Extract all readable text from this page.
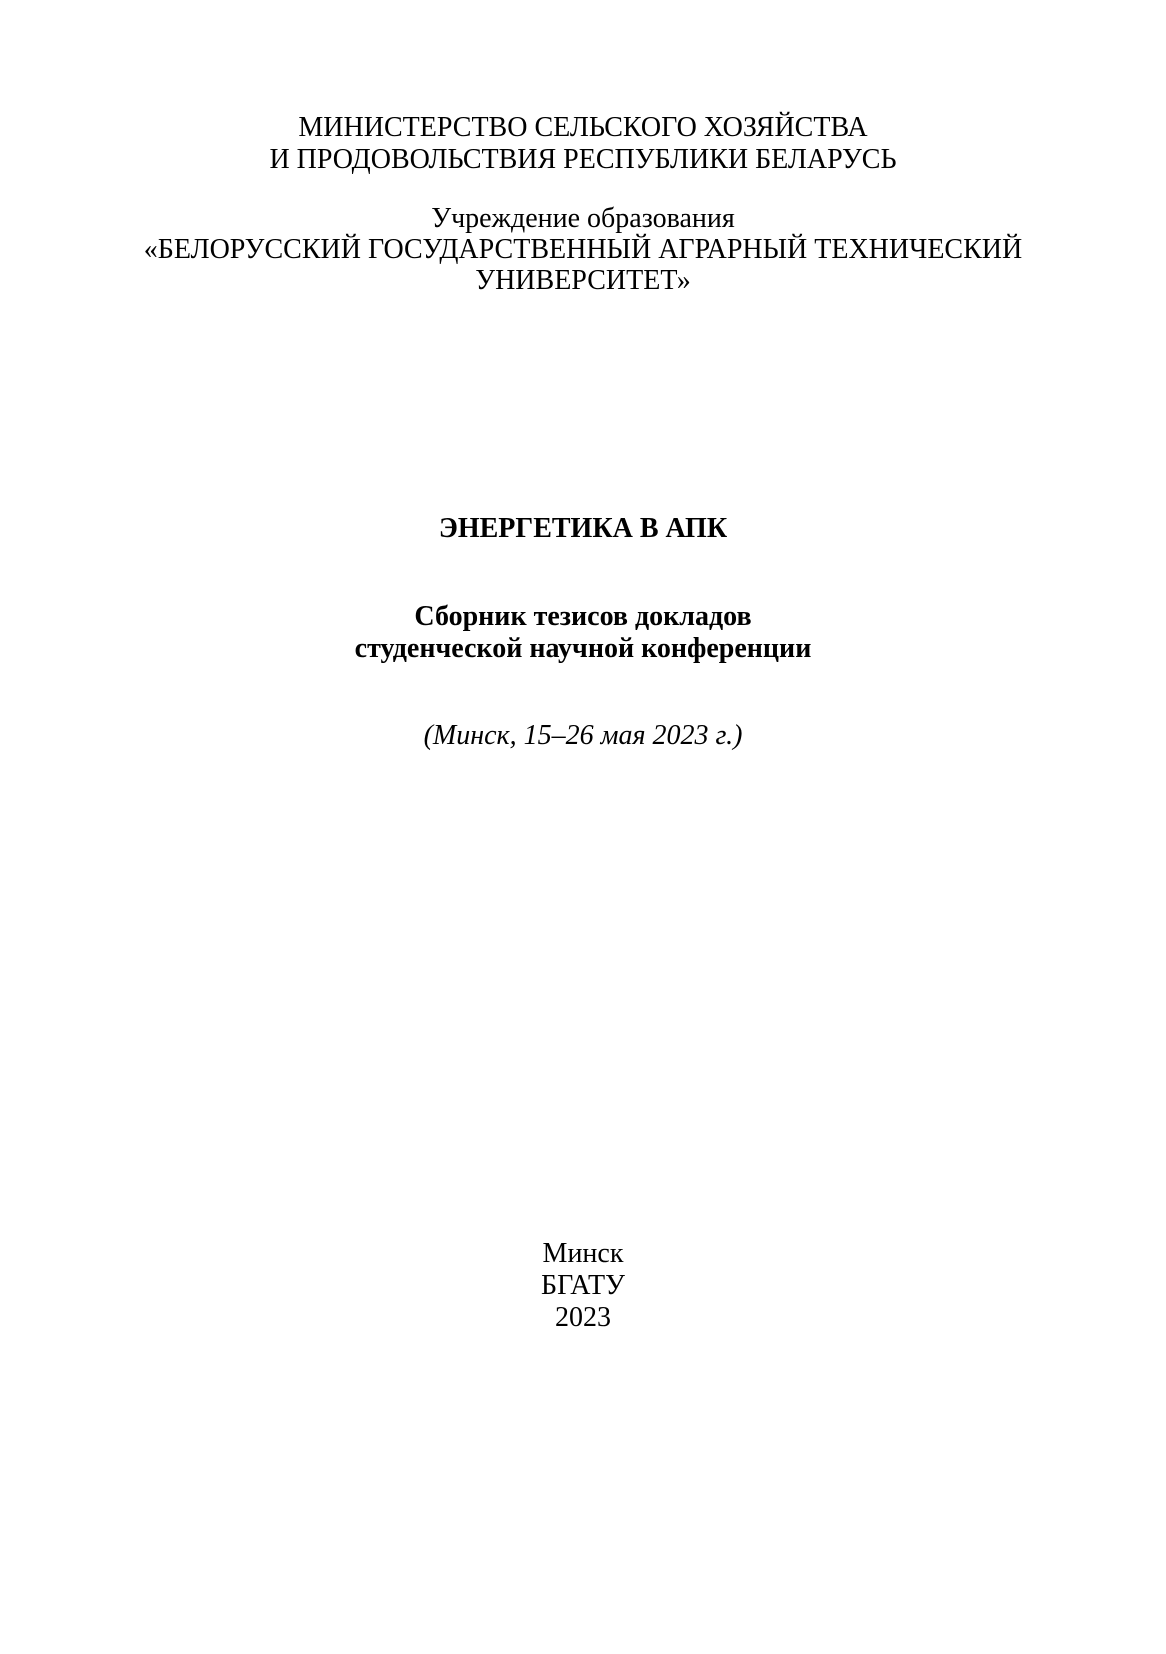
МИНИСТЕРСТВО СЕЛЬСКОГО ХОЗЯЙСТВА
И ПРОДОВОЛЬСТВИЯ РЕСПУБЛИКИ БЕЛАРУСЬ
Учреждение образования
«БЕЛОРУССКИЙ ГОСУДАРСТВЕННЫЙ АГРАРНЫЙ ТЕХНИЧЕСКИЙ
УНИВЕРСИТЕТ»
ЭНЕРГЕТИКА В АПК
Сборник тезисов докладов
студенческой научной конференции
(Минск, 15–26 мая 2023 г.)
Минск
БГАТУ
2023
